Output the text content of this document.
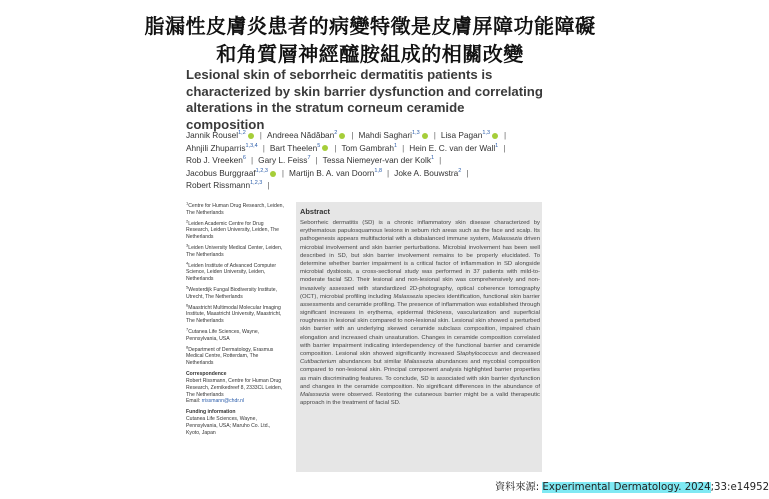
脂漏性皮膚炎患者的病變特徵是皮膚屏障功能障礙
和角質層神經醯胺組成的相關改變
Lesional skin of seborrheic dermatitis patients is characterized by skin barrier dysfunction and correlating alterations in the stratum corneum ceramide composition
Jannik Rousel$^{1,2}$ | Andreea Nădăban$^2$ | Mahdi Saghari$^{1,3}$ | Lisa Pagan$^{1,3}$ |
Ahnjili Zhuparris$^{1,3,4}$ | Bart Theelen$^5$ | Tom Gambrah$^1$ | Hein E. C. van der Wall$^1$ |
Rob J. Vreeken$^6$ | Gary L. Feiss$^7$ | Tessa Niemeyer-van der Kolk$^1$ |
Jacobus Burggraaf$^{1,2,3}$ | Martijn B. A. van Doorn$^{1,8}$ | Joke A. Bouwstra$^2$ |
Robert Rissmann$^{1,2,3}$ |
$^1$Centre for Human Drug Research, Leiden, The Netherlands
$^2$Leiden Academic Centre for Drug Research, Leiden University, Leiden, The Netherlands
$^3$Leiden University Medical Center, Leiden, The Netherlands
$^4$Leiden Institute of Advanced Computer Science, Leiden University, Leiden, Netherlands
$^5$Westerdijk Fungal Biodiversity Institute, Utrecht, The Netherlands
$^6$Maastricht Multimodal Molecular Imaging Institute, Maastricht University, Maastricht, The Netherlands
$^7$Cutanea Life Sciences, Wayne, Pennsylvania, USA
$^8$Department of Dermatology, Erasmus Medical Centre, Rotterdam, The Netherlands
Correspondence
Robert Rissmann, Centre for Human Drug Research, Zernikedreef 8, 2333CL Leiden, The Netherlands
Email: rrissmann@chdr.nl
Funding information
Cutanea Life Sciences, Wayne, Pennsylvania, USA; Maruho Co. Ltd., Kyoto, Japan
Abstract
Seborrheic dermatitis (SD) is a chronic inflammatory skin disease characterized by erythematous papulosquamous lesions in sebum rich areas such as the face and scalp. Its pathogenesis appears multifactorial with a disbalanced immune system, Malassezia driven microbial involvement and skin barrier perturbations. Microbial involvement has been well described in SD, but skin barrier involvement remains to be properly elucidated. To determine whether barrier impairment is a critical factor of inflammation in SD alongside microbial dysbiosis, a cross-sectional study was performed in 37 patients with mild-to-moderate facial SD. Their lesional and non-lesional skin was comprehensively and non-invasively assessed with standardized 2D-photography, optical coherence tomography (OCT), microbial profiling including Malassezia species identification, functional skin barrier assessments and ceramide profiling. The presence of inflammation was established through significant increases in erythema, epidermal thickness, vascularization and superficial roughness in lesional skin compared to non-lesional skin. Lesional skin showed a perturbed skin barrier with an underlying skewed ceramide subclass composition, impaired chain elongation and increased chain unsaturation. Changes in ceramide composition correlated with barrier impairment indicating interdependency of the functional barrier and ceramide composition. Lesional skin showed significantly increased Staphylococcus and decreased Cutibacterium abundances but similar Malassezia abundances and mycobial composition compared to non-lesional skin. Principal component analysis highlighted barrier properties as main discriminating features. To conclude, SD is associated with skin barrier dysfunction and changes in the ceramide composition. No significant differences in the abundance of Malassezia were observed. Restoring the cutaneous barrier might be a valid therapeutic approach in the treatment of facial SD.
資料來源: Experimental Dermatology. 2024;33:e14952
